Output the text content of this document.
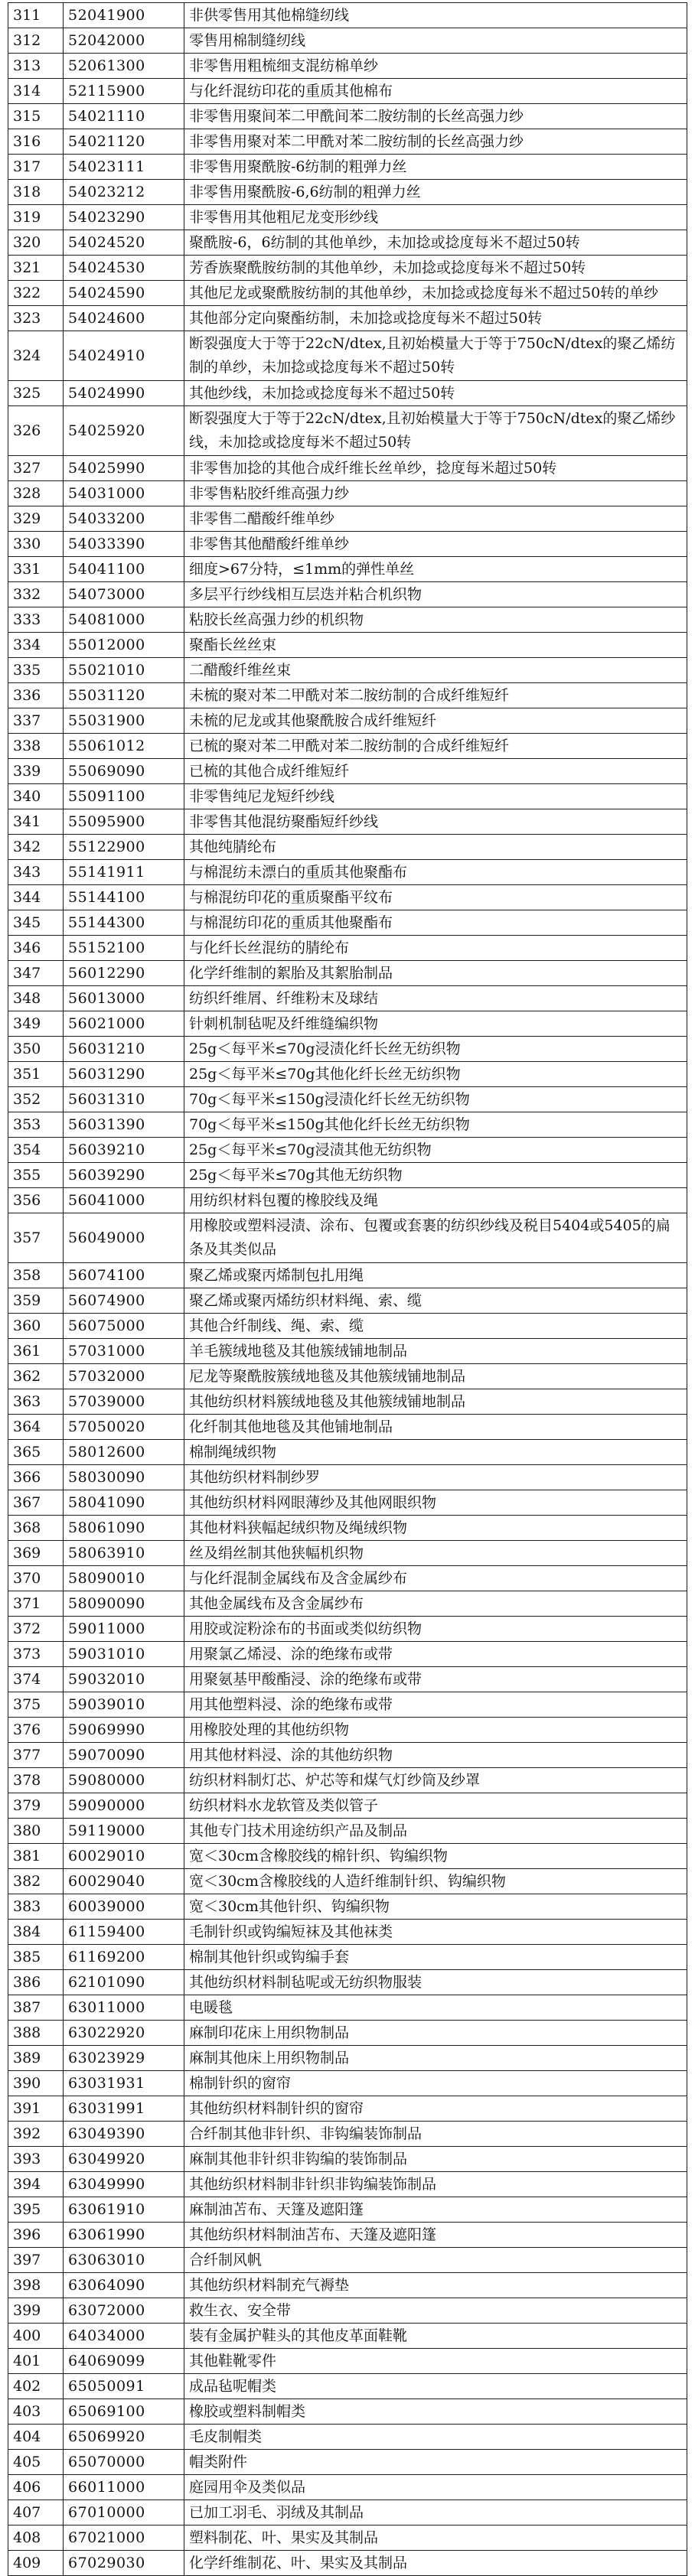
311	52041900	非供零售用其他棉缝纫线
312	52042000	零售用棉制缝纫线
313	52061300	非零售用粗梳细支混纺棉单纱
314	52115900	与化纤混纺印花的重质其他棉布
315	54021110	非零售用聚间苯二甲酰间苯二胺纺制的长丝高强力纱
316	54021120	非零售用聚对苯二甲酰对苯二胺纺制的长丝高强力纱
317	54023111	非零售用聚酰胺-6纺制的粗弹力丝
318	54023212	非零售用聚酰胺-6,6纺制的粗弹力丝
319	54023290	非零售用其他粗尼龙变形纱线
320	54024520	聚酰胺-6，6纺制的其他单纱，未加捻或捻度每米不超过50转
321	54024530	芳香族聚酰胺纺制的其他单纱，未加捻或捻度每米不超过50转
322	54024590	其他尼龙或聚酰胺纺制的其他单纱，未加捻或捻度每米不超过50转的单纱
323	54024600	其他部分定向聚酯纺制，未加捻或捻度每米不超过50转
324	54024910	断裂强度大于等于22cN/dtex,且初始模量大于等于750cN/dtex的聚乙烯纺制的单纱，未加捻或捻度每米不超过50转
325	54024990	其他纱线，未加捻或捻度每米不超过50转
326	54025920	断裂强度大于等于22cN/dtex,且初始模量大于等于750cN/dtex的聚乙烯纱线，未加捻或捻度每米不超过50转
327	54025990	非零售加捻的其他合成纤维长丝单纱，捻度每米超过50转
328	54031000	非零售粘胶纤维高强力纱
329	54033200	非零售二醋酸纤维单纱
330	54033390	非零售其他醋酸纤维单纱
331	54041100	细度>67分特，≤1mm的弹性单丝
332	54073000	多层平行纱线相互层迭并粘合机织物
333	54081000	粘胶长丝高强力纱的机织物
334	55012000	聚酯长丝丝束
335	55021010	二醋酸纤维丝束
336	55031120	未梳的聚对苯二甲酰对苯二胺纺制的合成纤维短纤
337	55031900	未梳的尼龙或其他聚酰胺合成纤维短纤
338	55061012	已梳的聚对苯二甲酰对苯二胺纺制的合成纤维短纤
339	55069090	已梳的其他合成纤维短纤
340	55091100	非零售纯尼龙短纤纱线
341	55095900	非零售其他混纺聚酯短纤纱线
342	55122900	其他纯腈纶布
343	55141911	与棉混纺未漂白的重质其他聚酯布
344	55144100	与棉混纺印花的重质聚酯平纹布
345	55144300	与棉混纺印花的重质其他聚酯布
346	55152100	与化纤长丝混纺的腈纶布
347	56012290	化学纤维制的絮胎及其絮胎制品
348	56013000	纺织纤维屑、纤维粉末及球结
349	56021000	针刺机制毡呢及纤维缝编织物
350	56031210	25g＜每平米≤70g浸渍化纤长丝无纺织物
351	56031290	25g＜每平米≤70g其他化纤长丝无纺织物
352	56031310	70g＜每平米≤150g浸渍化纤长丝无纺织物
353	56031390	70g＜每平米≤150g其他化纤长丝无纺织物
354	56039210	25g＜每平米≤70g浸渍其他无纺织物
355	56039290	25g＜每平米≤70g其他无纺织物
356	56041000	用纺织材料包覆的橡胶线及绳
357	56049000	用橡胶或塑料浸渍、涂布、包覆或套裹的纺织纱线及税目5404或5405的扁条及其类似品
358	56074100	聚乙烯或聚丙烯制包扎用绳
359	56074900	聚乙烯或聚丙烯纺织材料绳、索、缆
360	56075000	其他合纤制线、绳、索、缆
361	57031000	羊毛簇绒地毯及其他簇绒铺地制品
362	57032000	尼龙等聚酰胺簇绒地毯及其他簇绒铺地制品
363	57039000	其他纺织材料簇绒地毯及其他簇绒铺地制品
364	57050020	化纤制其他地毯及其他铺地制品
365	58012600	棉制绳绒织物
366	58030090	其他纺织材料制纱罗
367	58041090	其他纺织材料网眼薄纱及其他网眼织物
368	58061090	其他材料狭幅起绒织物及绳绒织物
369	58063910	丝及绢丝制其他狭幅机织物
370	58090010	与化纤混制金属线布及含金属纱布
371	58090090	其他金属线布及含金属纱布
372	59011000	用胶或淀粉涂布的书面或类似纺织物
373	59031010	用聚氯乙烯浸、涂的绝缘布或带
374	59032010	用聚氨基甲酸酯浸、涂的绝缘布或带
375	59039010	用其他塑料浸、涂的绝缘布或带
376	59069990	用橡胶处理的其他纺织物
377	59070090	用其他材料浸、涂的其他纺织物
378	59080000	纺织材料制灯芯、炉芯等和煤气灯纱筒及纱罩
379	59090000	纺织材料水龙软管及类似管子
380	59119000	其他专门技术用途纺织产品及制品
381	60029010	宽＜30cm含橡胶线的棉针织、钩编织物
382	60029040	宽＜30cm含橡胶线的人造纤维制针织、钩编织物
383	60039000	宽＜30cm其他针织、钩编织物
384	61159400	毛制针织或钩编短袜及其他袜类
385	61169200	棉制其他针织或钩编手套
386	62101090	其他纺织材料制毡呢或无纺织物服装
387	63011000	电暖毯
388	63022920	麻制印花床上用织物制品
389	63023929	麻制其他床上用织物制品
390	63031931	棉制针织的窗帘
391	63031991	其他纺织材料制针织的窗帘
392	63049390	合纤制其他非针织、非钩编装饰制品
393	63049920	麻制其他非针织非钩编的装饰制品
394	63049990	其他纺织材料制非针织非钩编装饰制品
395	63061910	麻制油苫布、天篷及遮阳篷
396	63061990	其他纺织材料制油苫布、天篷及遮阳篷
397	63063010	合纤制风帆
398	63064090	其他纺织材料制充气褥垫
399	63072000	救生衣、安全带
400	64034000	装有金属护鞋头的其他皮革面鞋靴
401	64069099	其他鞋靴零件
402	65050091	成品毡呢帽类
403	65069100	橡胶或塑料制帽类
404	65069920	毛皮制帽类
405	65070000	帽类附件
406	66011000	庭园用伞及类似品
407	67010000	已加工羽毛、羽绒及其制品
408	67021000	塑料制花、叶、果实及其制品
409	67029030	化学纤维制花、叶、果实及其制品
